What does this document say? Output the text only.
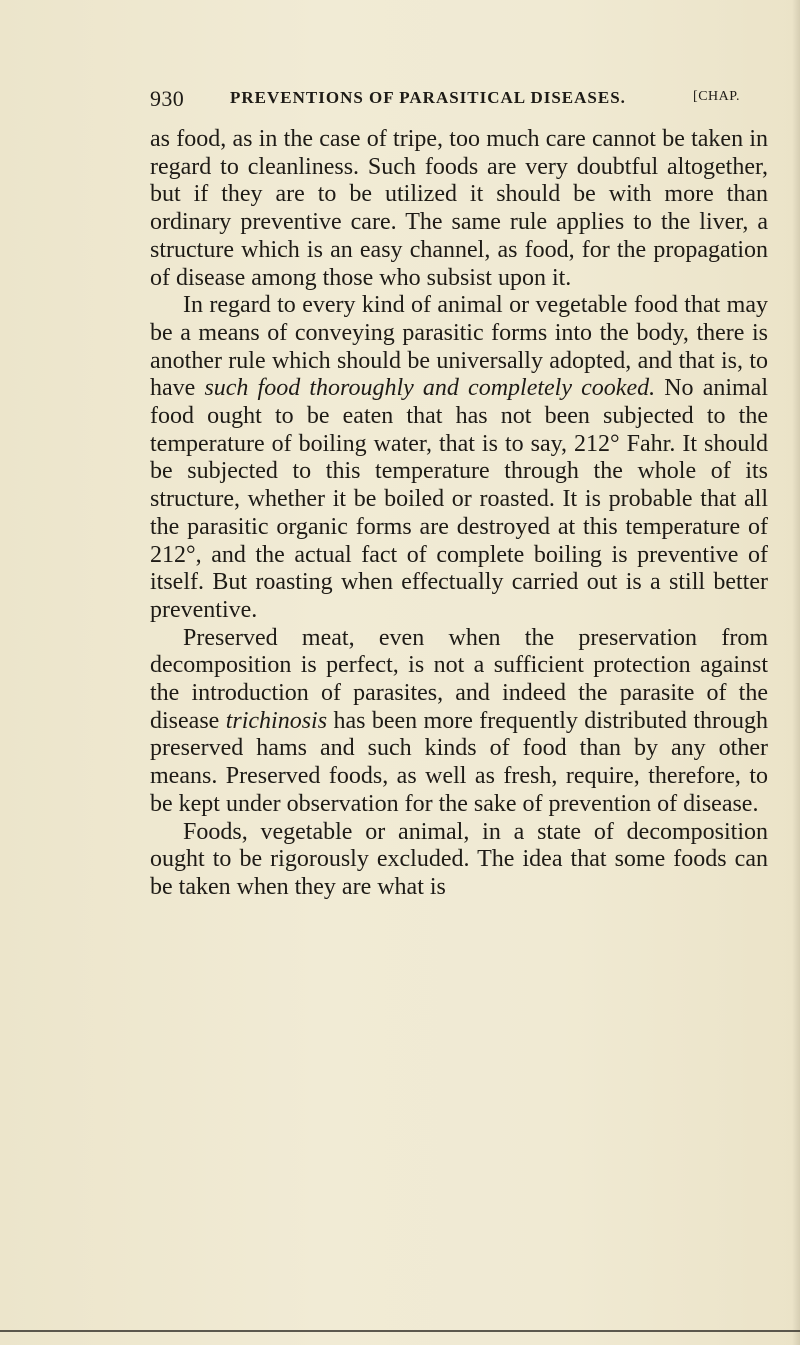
930	PREVENTIONS OF PARASITICAL DISEASES.	[CHAP.

as food, as in the case of tripe, too much care cannot be taken in regard to cleanliness. Such foods are very doubtful altogether, but if they are to be utilized it should be with more than ordinary preventive care. The same rule applies to the liver, a structure which is an easy channel, as food, for the propagation of disease among those who subsist upon it.

In regard to every kind of animal or vegetable food that may be a means of conveying parasitic forms into the body, there is another rule which should be universally adopted, and that is, to have such food thoroughly and completely cooked. No animal food ought to be eaten that has not been subjected to the temperature of boiling water, that is to say, 212° Fahr. It should be subjected to this temperature through the whole of its structure, whether it be boiled or roasted. It is probable that all the parasitic organic forms are destroyed at this temperature of 212°, and the actual fact of complete boiling is preventive of itself. But roasting when effectually carried out is a still better preventive.

Preserved meat, even when the preservation from decomposition is perfect, is not a sufficient protection against the introduction of parasites, and indeed the parasite of the disease trichinosis has been more frequently distributed through preserved hams and such kinds of food than by any other means. Preserved foods, as well as fresh, require, therefore, to be kept under observation for the sake of prevention of disease.

Foods, vegetable or animal, in a state of decomposition ought to be rigorously excluded. The idea that some foods can be taken when they are what is
